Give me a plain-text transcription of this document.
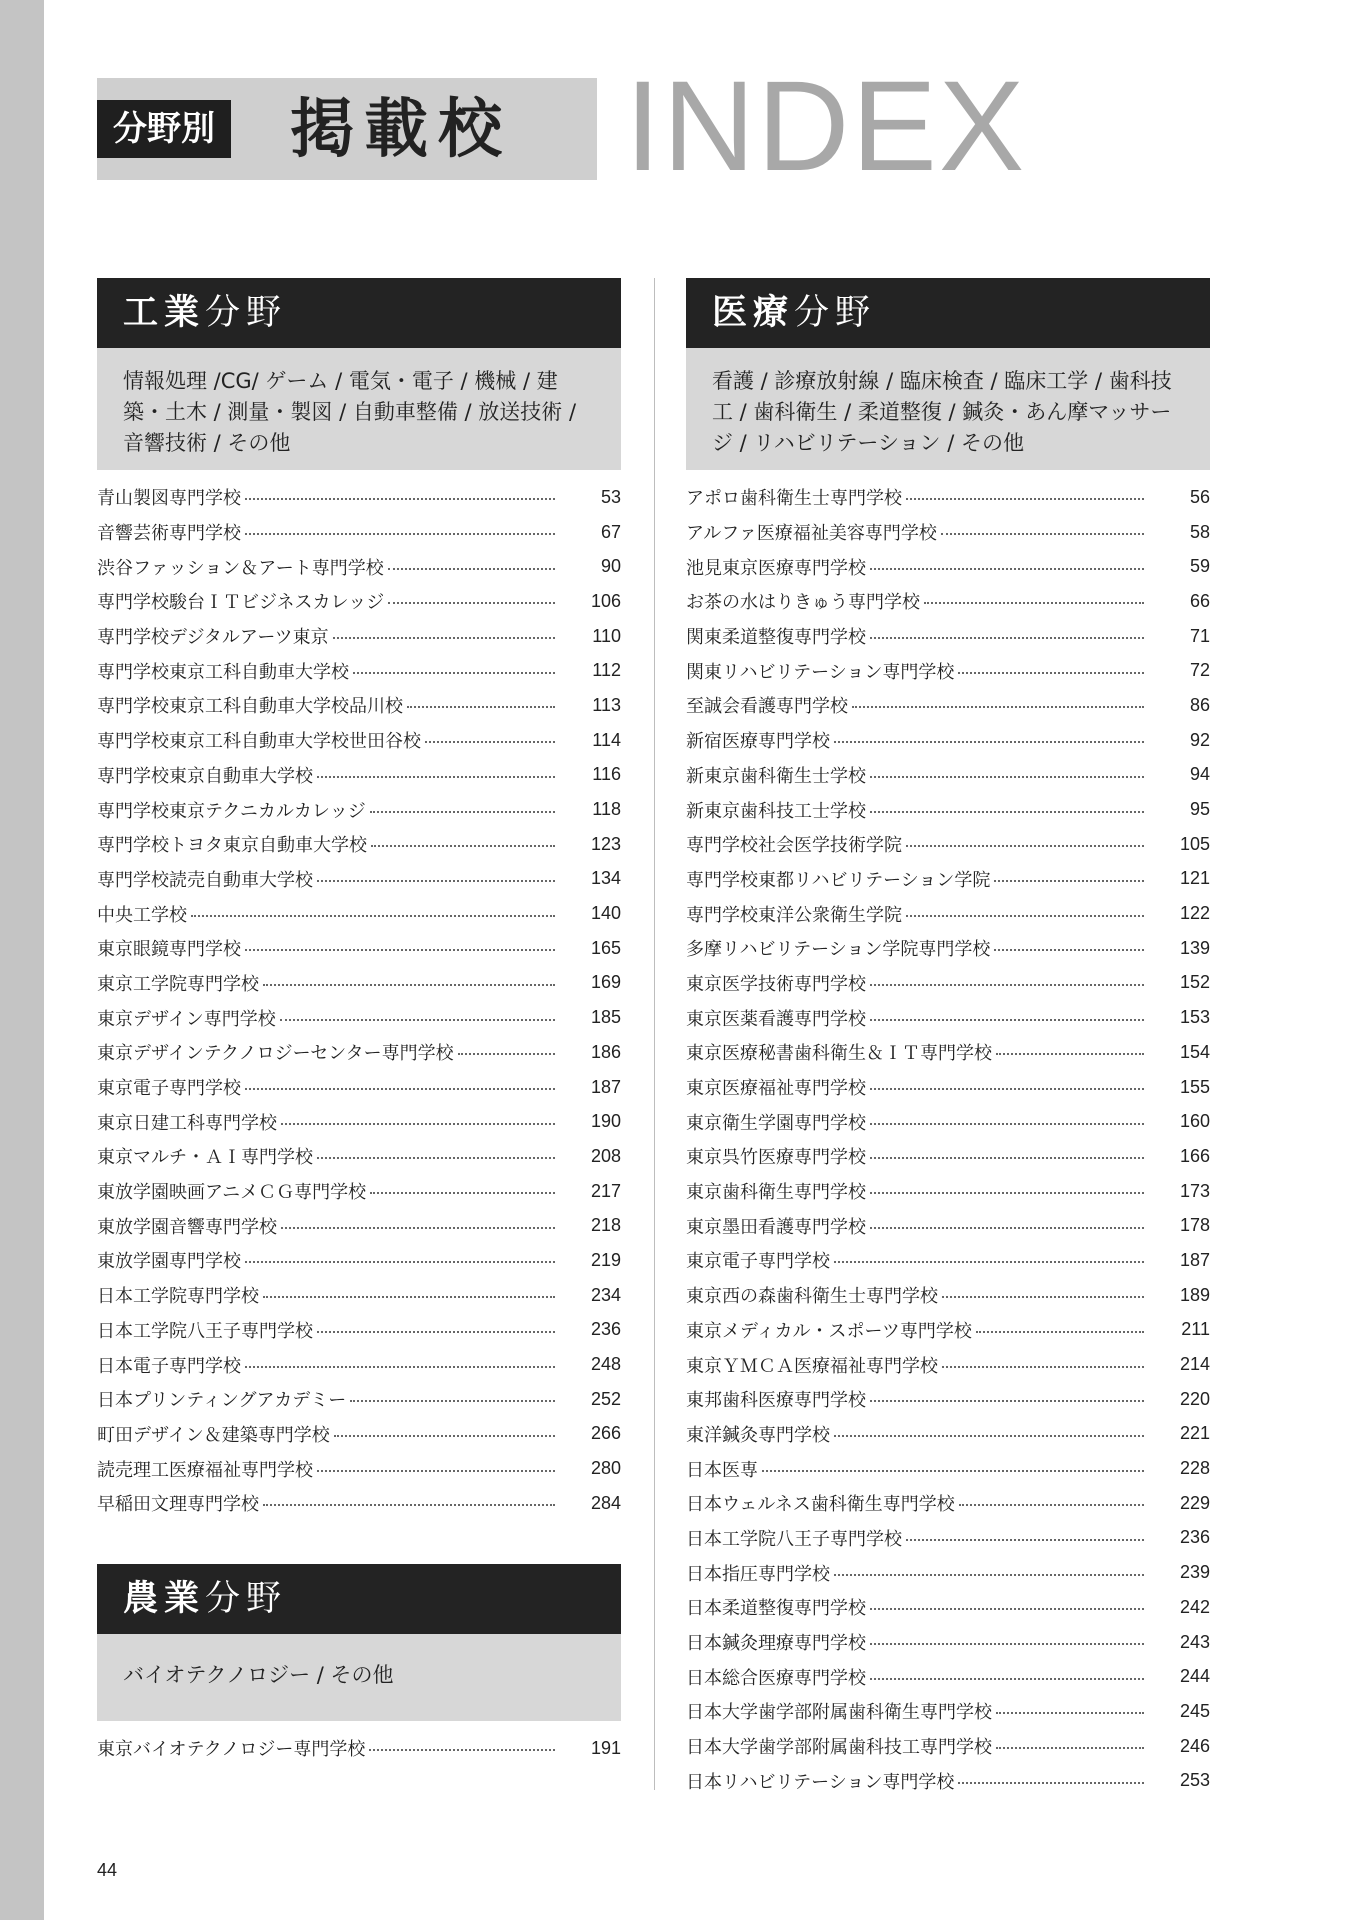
分野別 掲載校 INDEX
工業分野
情報処理 /CG/ ゲーム / 電気・電子 / 機械 / 建築・土木 / 測量・製図 / 自動車整備 / 放送技術 / 音響技術 / その他
青山製図専門学校	53
音響芸術専門学校	67
渋谷ファッション＆アート専門学校	90
専門学校駿台ＩＴビジネスカレッジ	106
専門学校デジタルアーツ東京	110
専門学校東京工科自動車大学校	112
専門学校東京工科自動車大学校品川校	113
専門学校東京工科自動車大学校世田谷校	114
専門学校東京自動車大学校	116
専門学校東京テクニカルカレッジ	118
専門学校トヨタ東京自動車大学校	123
専門学校読売自動車大学校	134
中央工学校	140
東京眼鏡専門学校	165
東京工学院専門学校	169
東京デザイン専門学校	185
東京デザインテクノロジーセンター専門学校	186
東京電子専門学校	187
東京日建工科専門学校	190
東京マルチ・ＡＩ専門学校	208
東放学園映画アニメＣＧ専門学校	217
東放学園音響専門学校	218
東放学園専門学校	219
日本工学院専門学校	234
日本工学院八王子専門学校	236
日本電子専門学校	248
日本プリンティングアカデミー	252
町田デザイン＆建築専門学校	266
読売理工医療福祉専門学校	280
早稲田文理専門学校	284
農業分野
バイオテクノロジー / その他
東京バイオテクノロジー専門学校	191
医療分野
看護 / 診療放射線 / 臨床検査 / 臨床工学 / 歯科技工 / 歯科衛生 / 柔道整復 / 鍼灸・あん摩マッサージ / リハビリテーション / その他
アポロ歯科衛生士専門学校	56
アルファ医療福祉美容専門学校	58
池見東京医療専門学校	59
お茶の水はりきゅう専門学校	66
関東柔道整復専門学校	71
関東リハビリテーション専門学校	72
至誠会看護専門学校	86
新宿医療専門学校	92
新東京歯科衛生士学校	94
新東京歯科技工士学校	95
専門学校社会医学技術学院	105
専門学校東都リハビリテーション学院	121
専門学校東洋公衆衛生学院	122
多摩リハビリテーション学院専門学校	139
東京医学技術専門学校	152
東京医薬看護専門学校	153
東京医療秘書歯科衛生＆ＩＴ専門学校	154
東京医療福祉専門学校	155
東京衛生学園専門学校	160
東京呉竹医療専門学校	166
東京歯科衛生専門学校	173
東京墨田看護専門学校	178
東京電子専門学校	187
東京西の森歯科衛生士専門学校	189
東京メディカル・スポーツ専門学校	211
東京ＹＭＣＡ医療福祉専門学校	214
東邦歯科医療専門学校	220
東洋鍼灸専門学校	221
日本医専	228
日本ウェルネス歯科衛生専門学校	229
日本工学院八王子専門学校	236
日本指圧専門学校	239
日本柔道整復専門学校	242
日本鍼灸理療専門学校	243
日本総合医療専門学校	244
日本大学歯学部附属歯科衛生専門学校	245
日本大学歯学部附属歯科技工専門学校	246
日本リハビリテーション専門学校	253
44
